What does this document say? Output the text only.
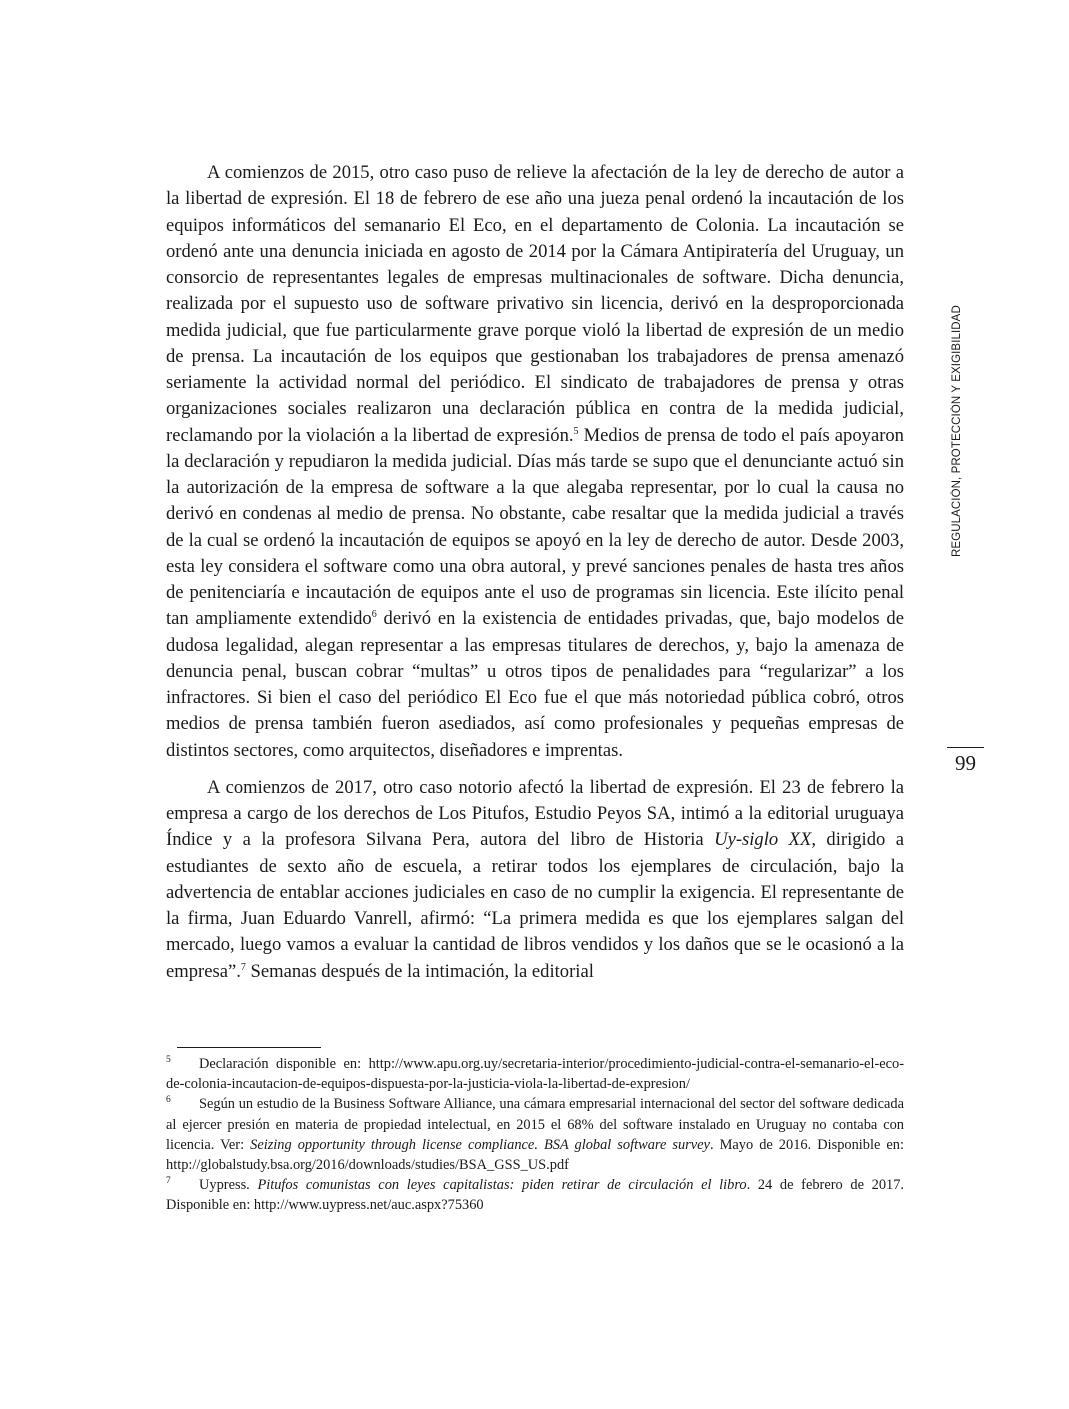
REGULACIÓN, PROTECCIÓN Y EXIGIBILIDAD
99

A comienzos de 2015, otro caso puso de relieve la afectación de la ley de derecho de autor a la libertad de expresión. El 18 de febrero de ese año una jueza penal ordenó la incautación de los equipos informáticos del semanario El Eco, en el departamento de Colonia. La incautación se ordenó ante una denuncia iniciada en agosto de 2014 por la Cámara Antipiratería del Uruguay, un consorcio de representantes legales de empresas multinacionales de software. Dicha denuncia, realizada por el supuesto uso de software privativo sin licencia, derivó en la desproporcionada medida judicial, que fue particularmente grave porque violó la libertad de expresión de un medio de prensa. La incautación de los equipos que gestionaban los trabajadores de prensa amenazó seriamente la actividad normal del periódico. El sindicato de trabajadores de prensa y otras organizaciones sociales realizaron una declaración pública en contra de la medida judicial, reclamando por la violación a la libertad de expresión.$^5$ Medios de prensa de todo el país apoyaron la declaración y repudiaron la medida judicial. Días más tarde se supo que el denunciante actuó sin la autorización de la empresa de software a la que alegaba representar, por lo cual la causa no derivó en condenas al medio de prensa. No obstante, cabe resaltar que la medida judicial a través de la cual se ordenó la incautación de equipos se apoyó en la ley de derecho de autor. Desde 2003, esta ley considera el software como una obra autoral, y prevé sanciones penales de hasta tres años de penitenciaría e incautación de equipos ante el uso de programas sin licencia. Este ilícito penal tan ampliamente extendido$^6$ derivó en la existencia de entidades privadas, que, bajo modelos de dudosa legalidad, alegan representar a las empresas titulares de derechos, y, bajo la amenaza de denuncia penal, buscan cobrar “multas” u otros tipos de penalidades para “regularizar” a los infractores. Si bien el caso del periódico El Eco fue el que más notoriedad pública cobró, otros medios de prensa también fueron asediados, así como profesionales y pequeñas empresas de distintos sectores, como arquitectos, diseñadores e imprentas.

A comienzos de 2017, otro caso notorio afectó la libertad de expresión. El 23 de febrero la empresa a cargo de los derechos de Los Pitufos, Estudio Peyos SA, intimó a la editorial uruguaya Índice y a la profesora Silvana Pera, autora del libro de Historia Uy-siglo XX, dirigido a estudiantes de sexto año de escuela, a retirar todos los ejemplares de circulación, bajo la advertencia de entablar acciones judiciales en caso de no cumplir la exigencia. El representante de la firma, Juan Eduardo Vanrell, afirmó: “La primera medida es que los ejemplares salgan del mercado, luego vamos a evaluar la cantidad de libros vendidos y los daños que se le ocasionó a la empresa”.$^7$ Semanas después de la intimación, la editorial

5 Declaración disponible en: http://www.apu.org.uy/secretaria-interior/procedimiento-judicial-contra-el-semanario-el-eco-de-colonia-incautacion-de-equipos-dispuesta-por-la-justicia-viola-la-libertad-de-expresion/

6 Según un estudio de la Business Software Alliance, una cámara empresarial internacional del sector del software dedicada al ejercer presión en materia de propiedad intelectual, en 2015 el 68% del software instalado en Uruguay no contaba con licencia. Ver: Seizing opportunity through license compliance. BSA global software survey. Mayo de 2016. Disponible en: http://globalstudy.bsa.org/2016/downloads/studies/BSA_GSS_US.pdf

7 Uypress. Pitufos comunistas con leyes capitalistas: piden retirar de circulación el libro. 24 de febrero de 2017. Disponible en: http://www.uypress.net/auc.aspx?75360
